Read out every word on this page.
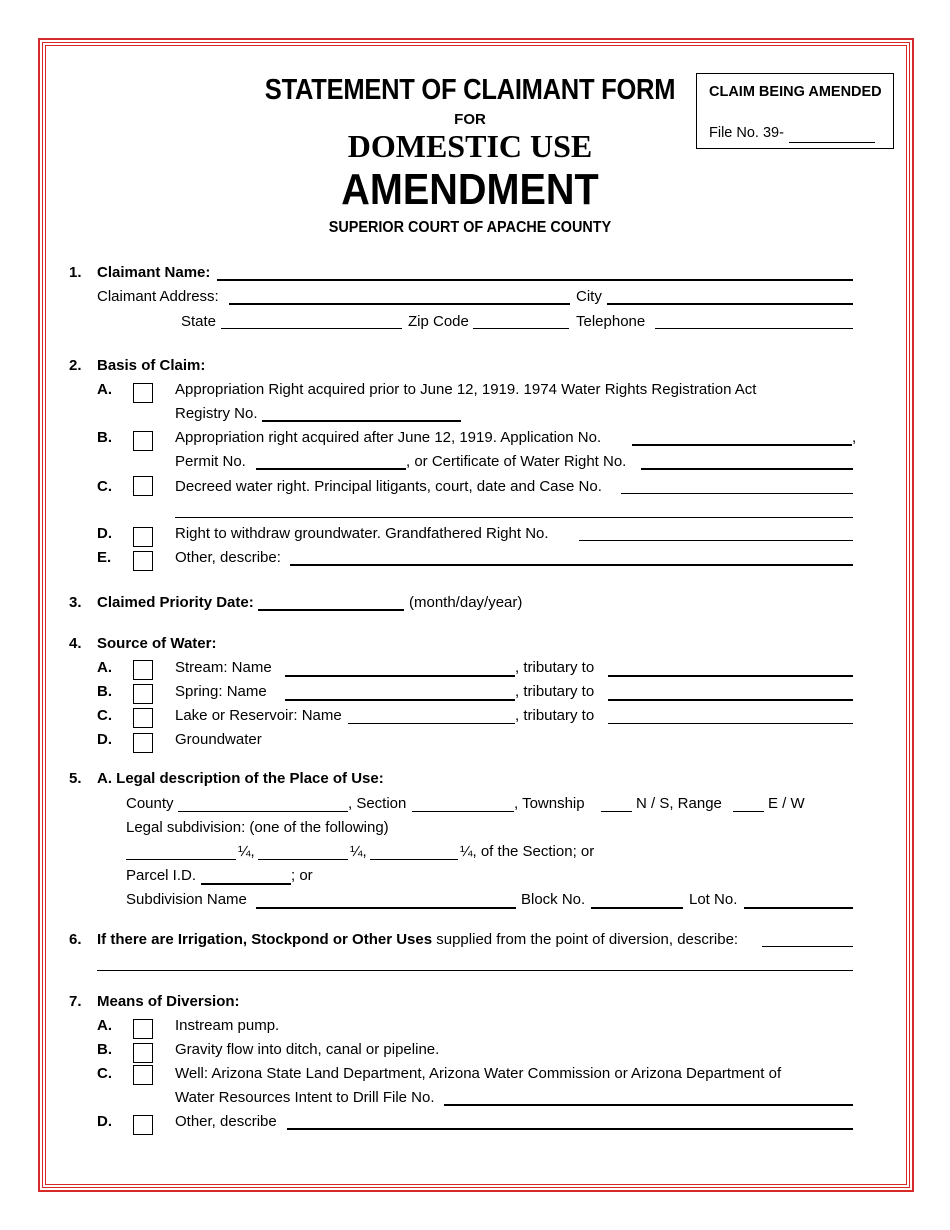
STATEMENT OF CLAIMANT FORM
FOR
DOMESTIC USE
AMENDMENT
SUPERIOR COURT OF APACHE COUNTY
CLAIM BEING AMENDED
File No. 39-
1. Claimant Name:
Claimant Address:	City
State	Zip Code	Telephone
2. Basis of Claim:
A.	Appropriation Right acquired prior to June 12, 1919. 1974 Water Rights Registration Act
Registry No.
B.	Appropriation right acquired after June 12, 1919. Application No.	,
Permit No.	, or Certificate of Water Right No.
C.	Decreed water right. Principal litigants, court, date and Case No.
D.	Right to withdraw groundwater. Grandfathered Right No.
E.	Other, describe:
3. Claimed Priority Date:	(month/day/year)
4. Source of Water:
A.	Stream: Name	, tributary to
B.	Spring: Name	, tributary to
C.	Lake or Reservoir: Name	, tributary to
D.	Groundwater
5. A. Legal description of the Place of Use:
County	, Section	, Township	N / S, Range	E / W
Legal subdivision: (one of the following)
¼,	¼,	¼, of the Section; or
Parcel I.D.	; or
Subdivision Name	Block No.	Lot No.
6. If there are Irrigation, Stockpond or Other Uses supplied from the point of diversion, describe:
7. Means of Diversion:
A.	Instream pump.
B.	Gravity flow into ditch, canal or pipeline.
C.	Well: Arizona State Land Department, Arizona Water Commission or Arizona Department of
Water Resources Intent to Drill File No.
D.	Other, describe
